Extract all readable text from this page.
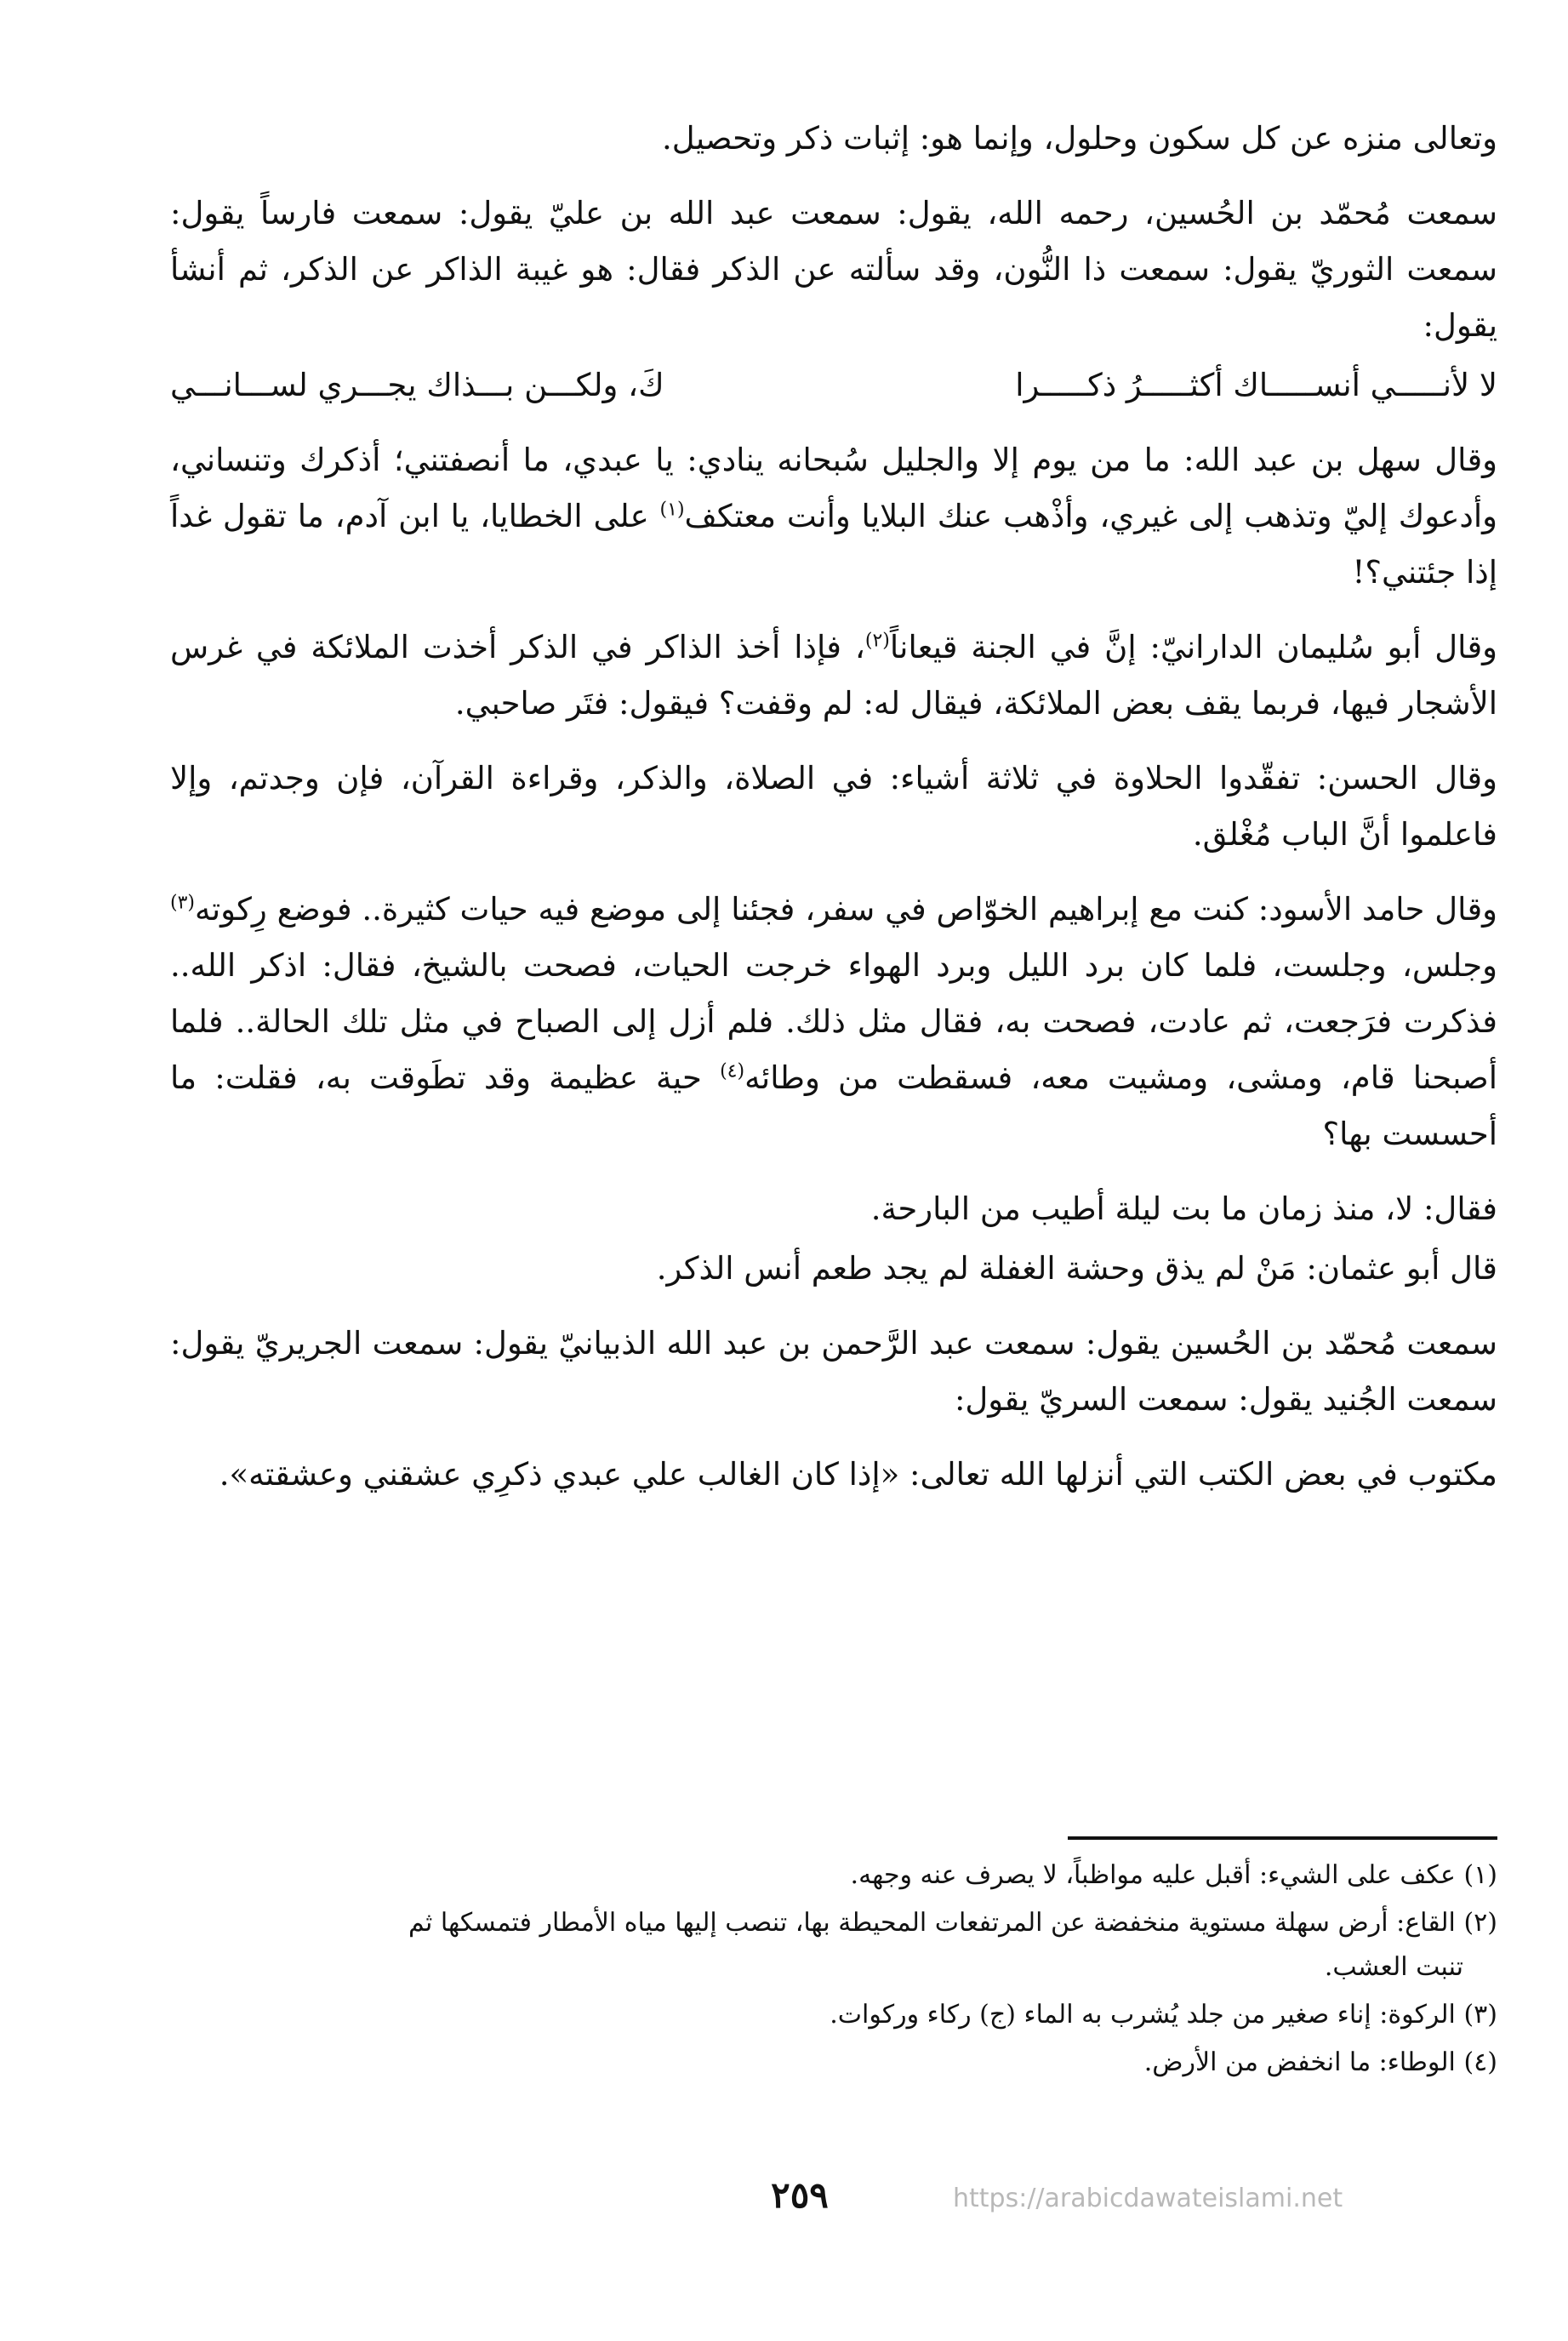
وتعالى منزه عن كل سكون وحلول، وإنما هو: إثبات ذكر وتحصيل.

سمعت مُحمّد بن الحُسين، رحمه الله، يقول: سمعت عبد الله بن عليّ يقول: سمعت فارساً يقول: سمعت الثوريّ يقول: سمعت ذا النُّون، وقد سألته عن الذكر فقال: هو غيبة الذاكر عن الذكر، ثم أنشأ يقول:

لا لأنـــــي أنســـــاك أكثـــــرُ ذكـــــرا
كَ، ولكـــن بـــذاك يجـــري لســـانـــي

وقال سهل بن عبد الله: ما من يوم إلا والجليل سُبحانه ينادي: يا عبدي، ما أنصفتني؛ أذكرك وتنساني، وأدعوك إليّ وتذهب إلى غيري، وأذْهب عنك البلايا وأنت معتكف$^{(١)}$ على الخطايا، يا ابن آدم، ما تقول غداً إذا جئتني؟!

وقال أبو سُليمان الدارانيّ: إنَّ في الجنة قيعاناً$^{(٢)}$، فإذا أخذ الذاكر في الذكر أخذت الملائكة في غرس الأشجار فيها، فربما يقف بعض الملائكة، فيقال له: لم وقفت؟ فيقول: فتَر صاحبي.

وقال الحسن: تفقّدوا الحلاوة في ثلاثة أشياء: في الصلاة، والذكر، وقراءة القرآن، فإن وجدتم، وإلا فاعلموا أنَّ الباب مُغْلق.

وقال حامد الأسود: كنت مع إبراهيم الخوّاص في سفر، فجئنا إلى موضع فيه حيات كثيرة.. فوضع رِكوته$^{(٣)}$ وجلس، وجلست، فلما كان برد الليل وبرد الهواء خرجت الحيات، فصحت بالشيخ، فقال: اذكر الله.. فذكرت فرَجعت، ثم عادت، فصحت به، فقال مثل ذلك. فلم أزل إلى الصباح في مثل تلك الحالة.. فلما أصبحنا قام، ومشى، ومشيت معه، فسقطت من وطائه$^{(٤)}$ حية عظيمة وقد تطَوقت به، فقلت: ما أحسست بها؟

فقال: لا، منذ زمان ما بت ليلة أطيب من البارحة.

قال أبو عثمان: مَنْ لم يذق وحشة الغفلة لم يجد طعم أنس الذكر.

سمعت مُحمّد بن الحُسين يقول: سمعت عبد الرَّحمن بن عبد الله الذبيانيّ يقول: سمعت الجريريّ يقول: سمعت الجُنيد يقول: سمعت السريّ يقول:

مكتوب في بعض الكتب التي أنزلها الله تعالى: «إذا كان الغالب علي عبدي ذكرِي عشقني وعشقته».

(١) عكف على الشيء: أقبل عليه مواظباً، لا يصرف عنه وجهه.

(٢) القاع: أرض سهلة مستوية منخفضة عن المرتفعات المحيطة بها، تنصب إليها مياه الأمطار فتمسكها ثم
تنبت العشب.

(٣) الركوة: إناء صغير من جلد يُشرب به الماء (ج) ركاء وركوات.

(٤) الوطاء: ما انخفض من الأرض.

٢٥٩	https://arabicdawateislami.net
